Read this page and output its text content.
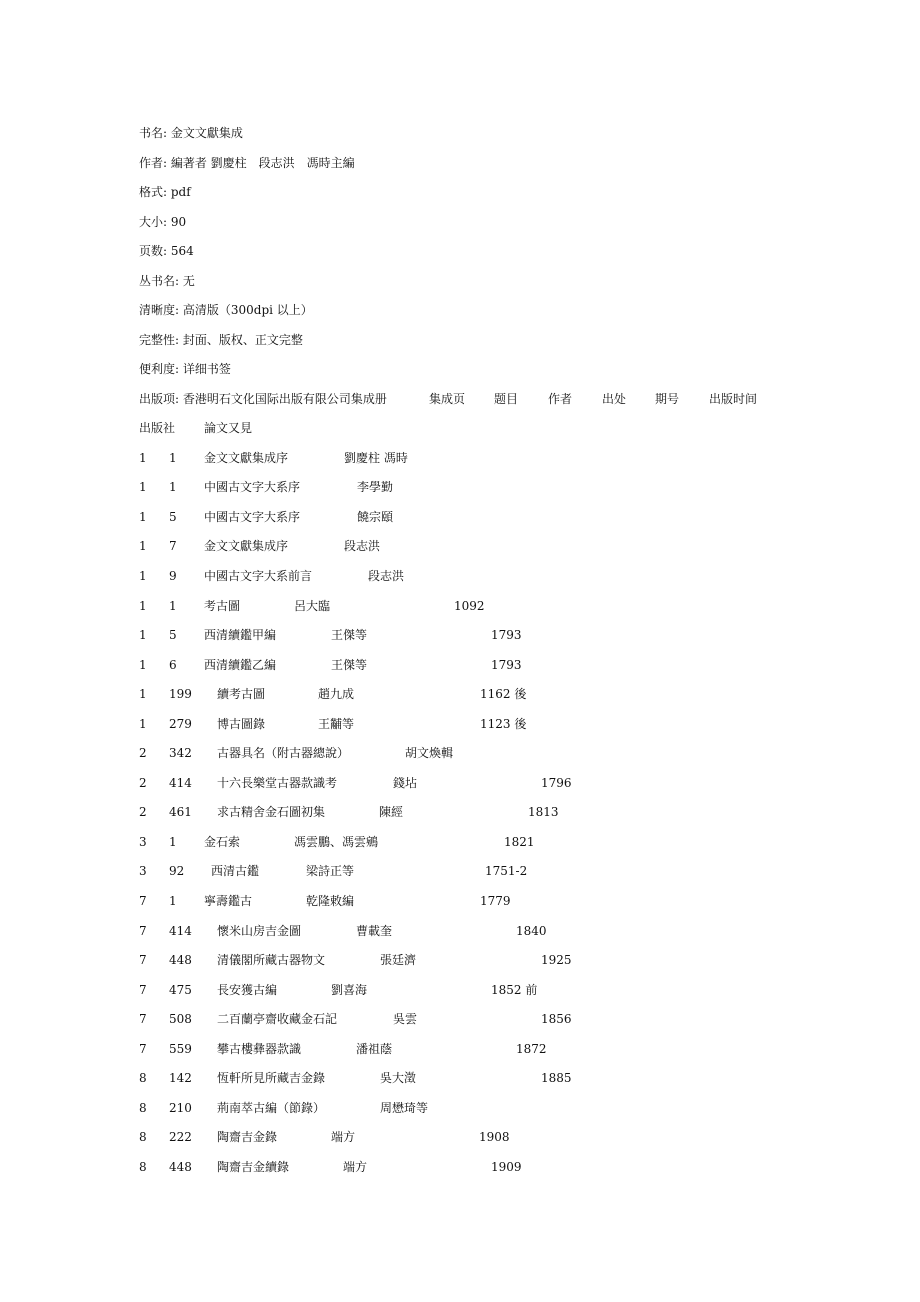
书名: 金文文獻集成
作者: 編著者 劉慶柱　段志洪　馮時主編
格式: pdf
大小: 90
页数: 564
丛书名: 无
清晰度: 高清版（300dpi 以上）
完整性: 封面、版权、正文完整
便利度: 详细书签
出版项: 香港明石文化国际出版有限公司集成册	集成页 题目 作者 出处 期号 出版时间
出版社 論文又見
1 1 金文文獻集成序	劉慶柱 馮時
1 1 中國古文字大系序	李學勤
1 5 中國古文字大系序	饒宗頤
1 7 金文文獻集成序	段志洪
1 9 中國古文字大系前言	段志洪
1 1 考古圖	呂大臨	1092
1 5 西清續鑑甲編	王傑等	1793
1 6 西清續鑑乙編	王傑等	1793
1 199 續考古圖	趙九成	1162 後
1 279 博古圖錄	王黼等	1123 後
2 342 古器具名（附古器總說）	胡文煥輯
2 414 十六長樂堂古器款識考	錢坫	1796
2 461 求古精舍金石圖初集	陳經	1813
3 1 金石索	馮雲鵬、馮雲鵷	1821
3 92 西清古鑑	梁詩正等	1751-2
7 1 寧壽鑑古	乾隆敕編	1779
7 414 懷米山房吉金圖	曹載奎	1840
7 448 清儀閣所藏古器物文	張廷濟	1925
7 475 長安獲古編	劉喜海	1852 前
7 508 二百蘭亭齋收藏金石記	吳雲	1856
7 559 攀古樓彝器款識	潘祖蔭	1872
8 142 恆軒所見所藏吉金錄	吳大澂	1885
8 210 荊南萃古編（節錄）	周懋琦等
8 222 陶齋吉金錄	端方	1908
8 448 陶齋吉金續錄	端方	1909
